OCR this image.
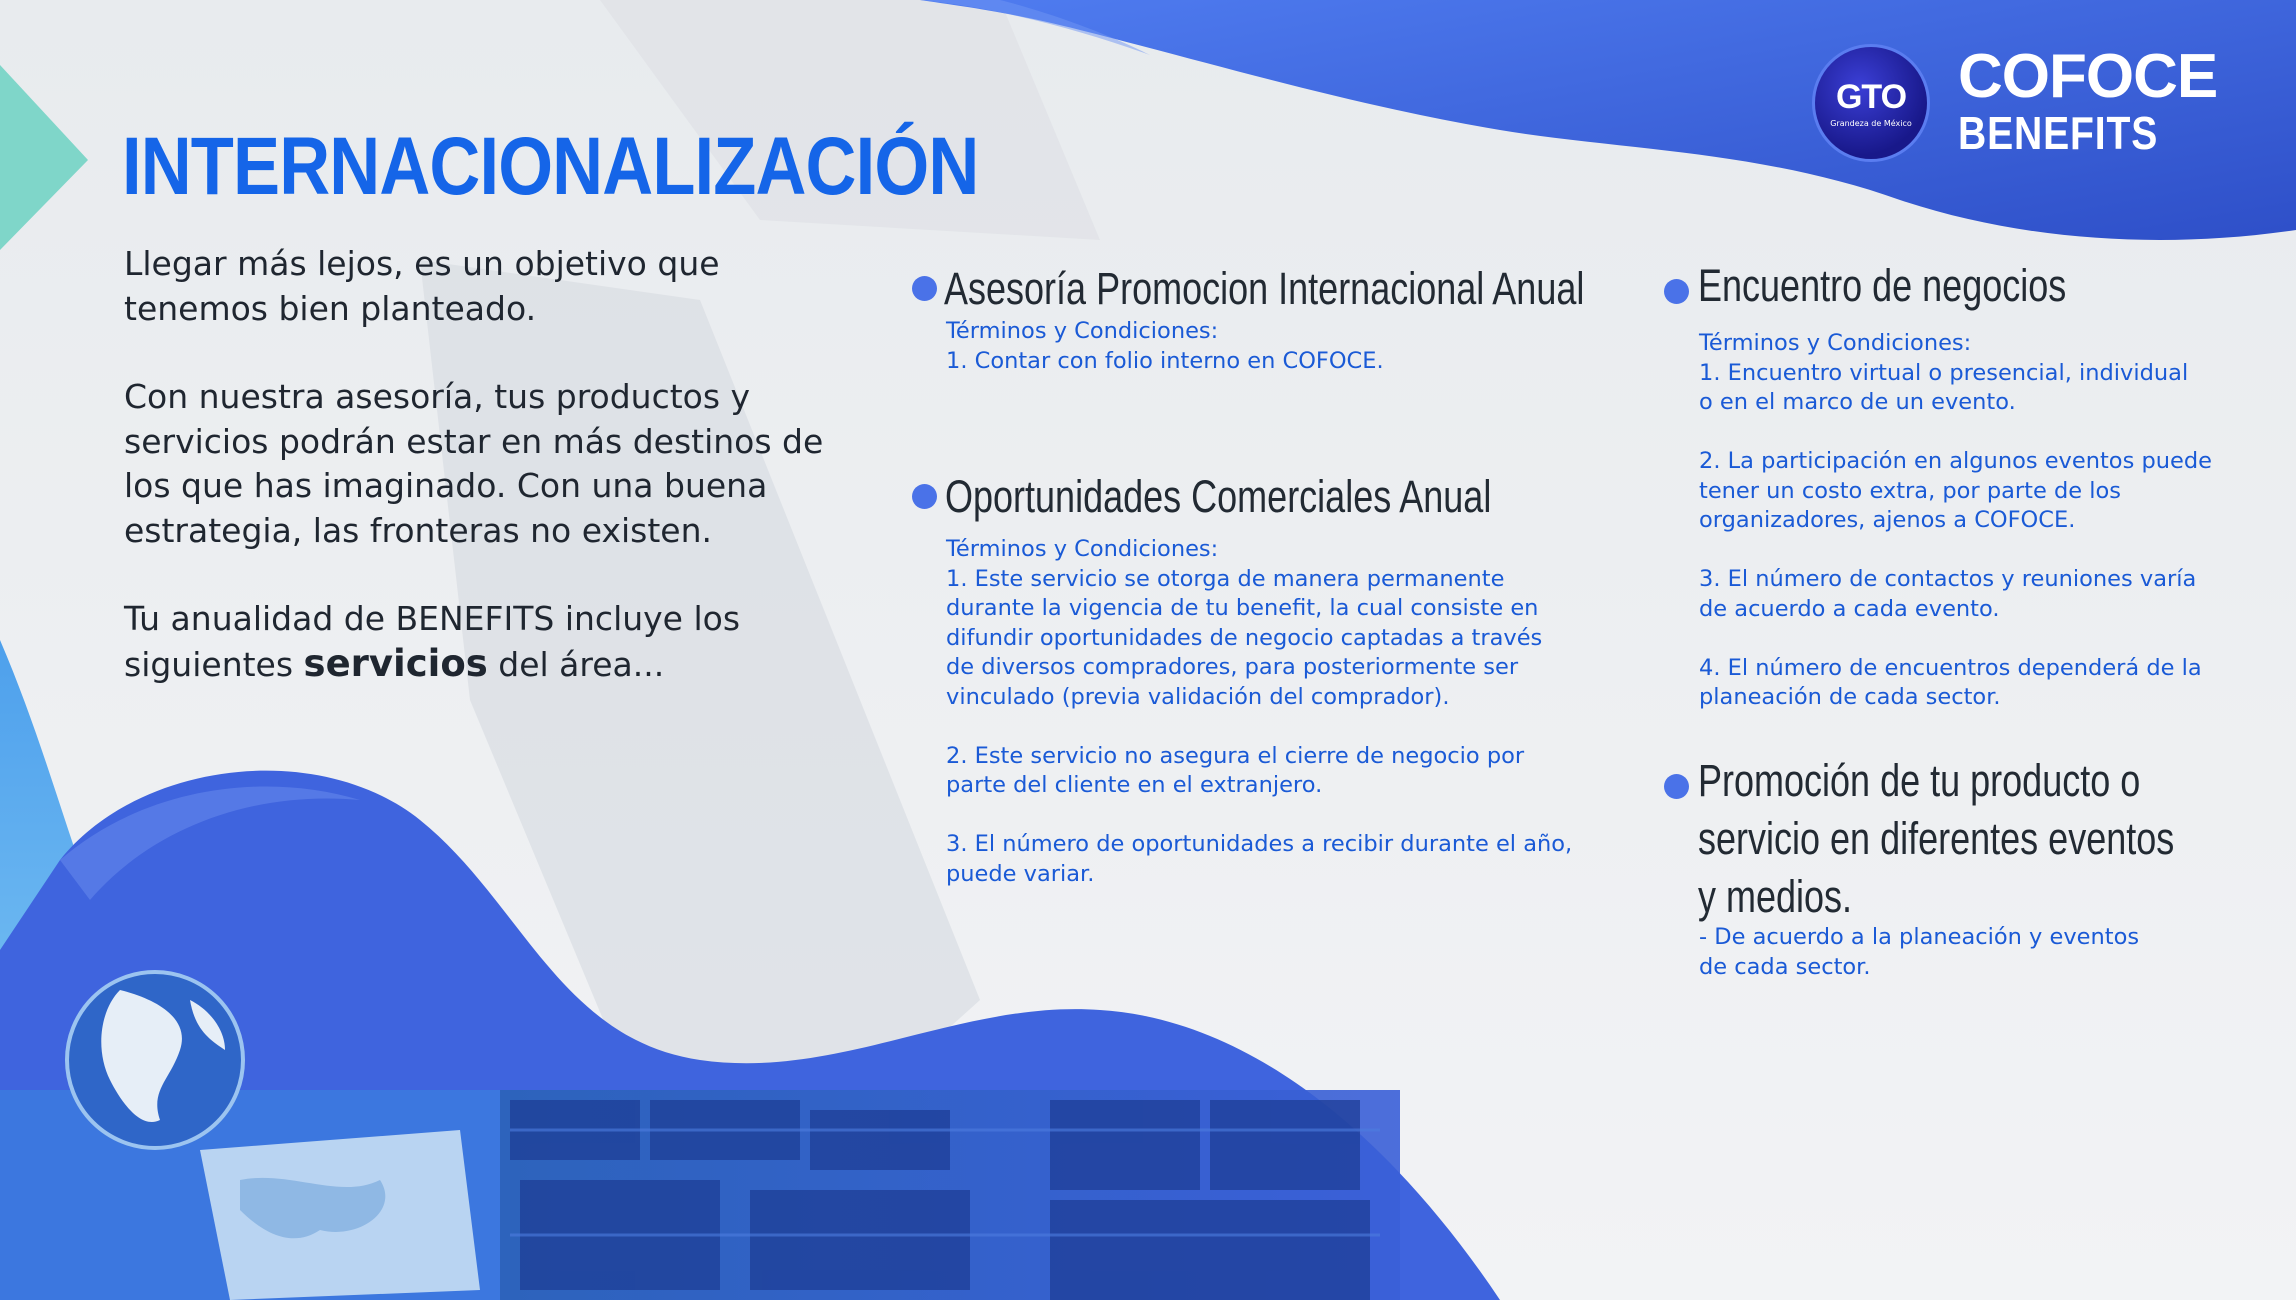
GTO
Grandeza de México
COFOCE
BENEFITS
INTERNACIONALIZACIÓN

Llegar más lejos, es un objetivo que tenemos bien planteado.

Con nuestra asesoría, tus productos y servicios podrán estar en más destinos de los que has imaginado. Con una buena estrategia, las fronteras no existen.

Tu anualidad de BENEFITS incluye los siguientes servicios del área...

Asesoría Promocion Internacional Anual
Términos y Condiciones:
1. Contar con folio interno en COFOCE.
Oportunidades Comerciales Anual
Términos y Condiciones:
1. Este servicio se otorga de manera permanente
durante la vigencia de tu benefit, la cual consiste en
difundir oportunidades de negocio captadas a través
de diversos compradores, para posteriormente ser
vinculado (previa validación del comprador).

2. Este servicio no asegura el cierre de negocio por
parte del cliente en el extranjero.

3. El número de oportunidades a recibir durante el año,
puede variar.
Encuentro de negocios
Términos y Condiciones:
1. Encuentro virtual o presencial, individual
o en el marco de un evento.

2. La participación en algunos eventos puede
tener un costo extra, por parte de los
organizadores, ajenos a COFOCE.

3. El número de contactos y reuniones varía
de acuerdo a cada evento.

4. El número de encuentros dependerá de la
planeación de cada sector.
Promoción de tu producto o
servicio en diferentes eventos
y medios.
- De acuerdo a la planeación y eventos
de cada sector.
